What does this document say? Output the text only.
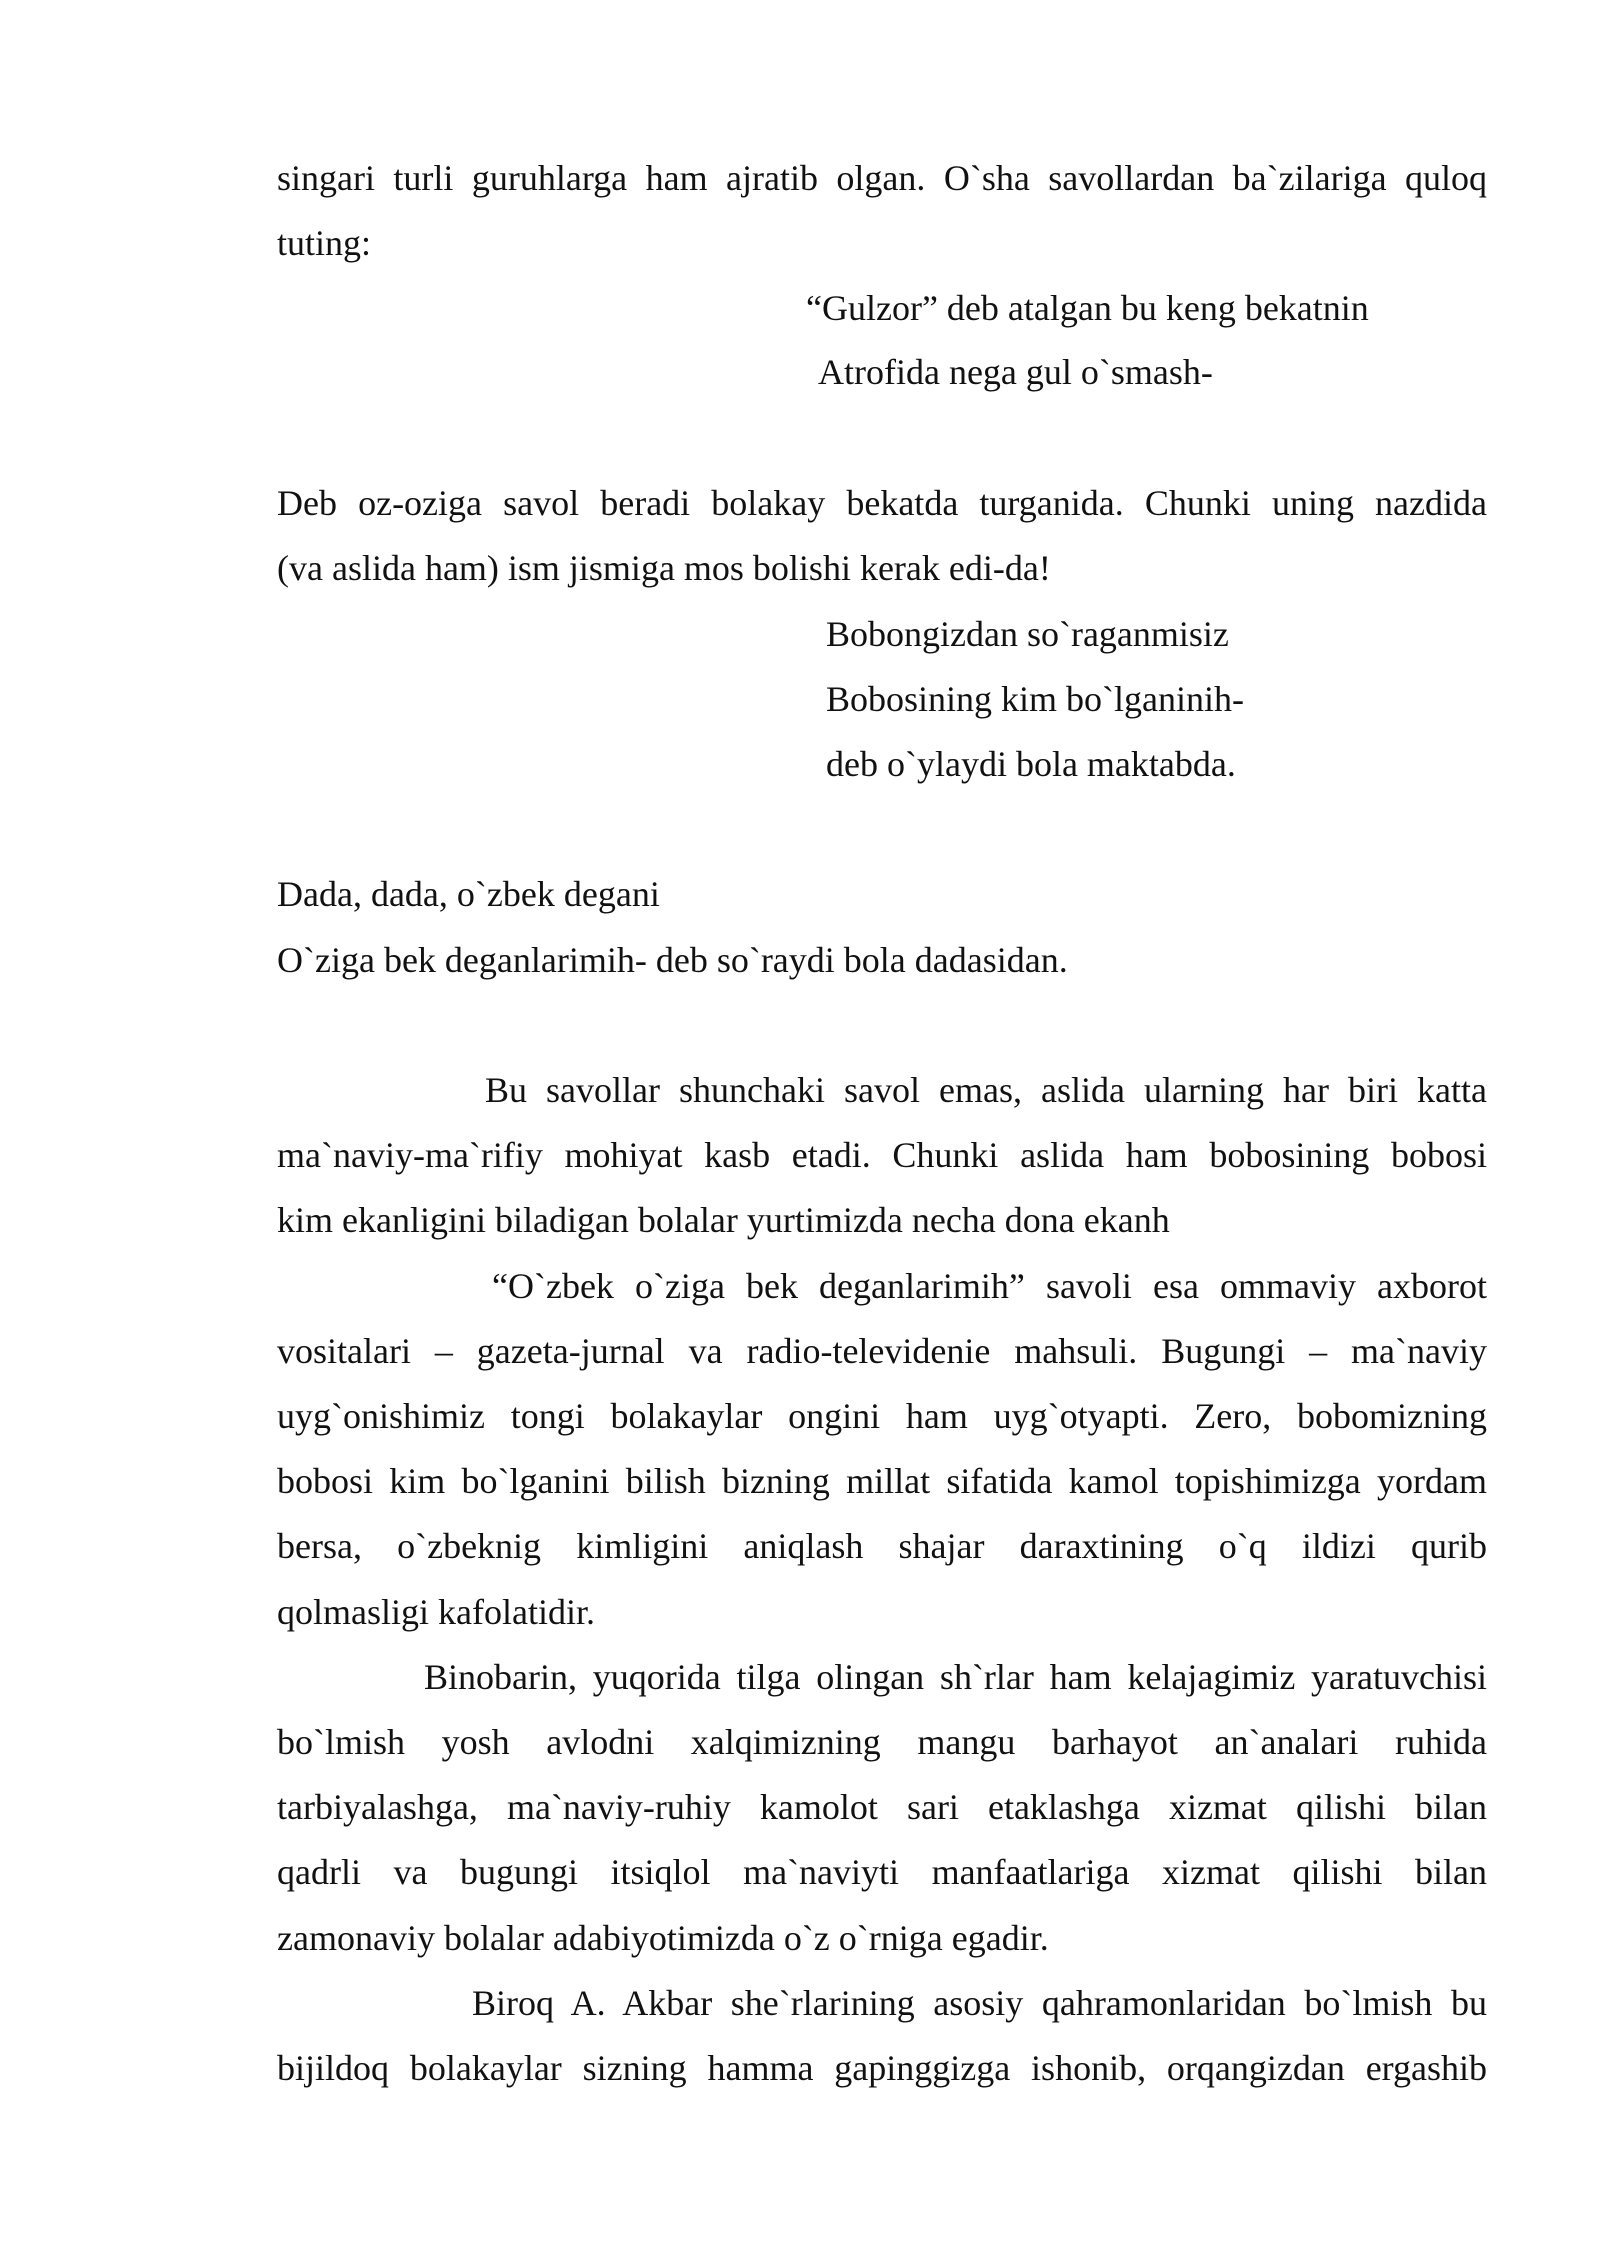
singari turli guruhlarga ham ajratib olgan. O`sha savollardan ba`zilariga quloq
tuting:
“Gulzor” deb atalgan bu keng bekatnin
Atrofida nega gul o`smash-
Deb oz-oziga savol beradi bolakay bekatda turganida. Chunki uning nazdida
(va aslida ham) ism jismiga mos bolishi kerak edi-da!
Bobongizdan so`raganmisiz
Bobosining kim bo`lganinih-
deb o`ylaydi bola maktabda.
Dada, dada, o`zbek degani
O`ziga bek deganlarimih- deb so`raydi bola dadasidan.
Bu savollar shunchaki savol emas, aslida ularning har biri katta
ma`naviy-ma`rifiy mohiyat kasb etadi. Chunki aslida ham bobosining bobosi
kim ekanligini biladigan bolalar yurtimizda necha dona ekanh
“O`zbek o`ziga bek deganlarimih” savoli esa ommaviy axborot
vositalari – gazeta-jurnal va radio-televidenie mahsuli. Bugungi – ma`naviy
uyg`onishimiz tongi bolakaylar ongini ham uyg`otyapti. Zero, bobomizning
bobosi kim bo`lganini bilish bizning millat sifatida kamol topishimizga yordam
bersa, o`zbeknig kimligini aniqlash shajar daraxtining o`q ildizi qurib
qolmasligi kafolatidir.
Binobarin, yuqorida tilga olingan sh`rlar ham kelajagimiz yaratuvchisi
bo`lmish yosh avlodni xalqimizning mangu barhayot an`analari ruhida
tarbiyalashga, ma`naviy-ruhiy kamolot sari etaklashga xizmat qilishi bilan
qadrli va bugungi itsiqlol ma`naviyti manfaatlariga xizmat qilishi bilan
zamonaviy bolalar adabiyotimizda o`z o`rniga egadir.
Biroq A. Akbar she`rlarining asosiy qahramonlaridan bo`lmish bu
bijildoq bolakaylar sizning hamma gapinggizga ishonib, orqangizdan ergashib
